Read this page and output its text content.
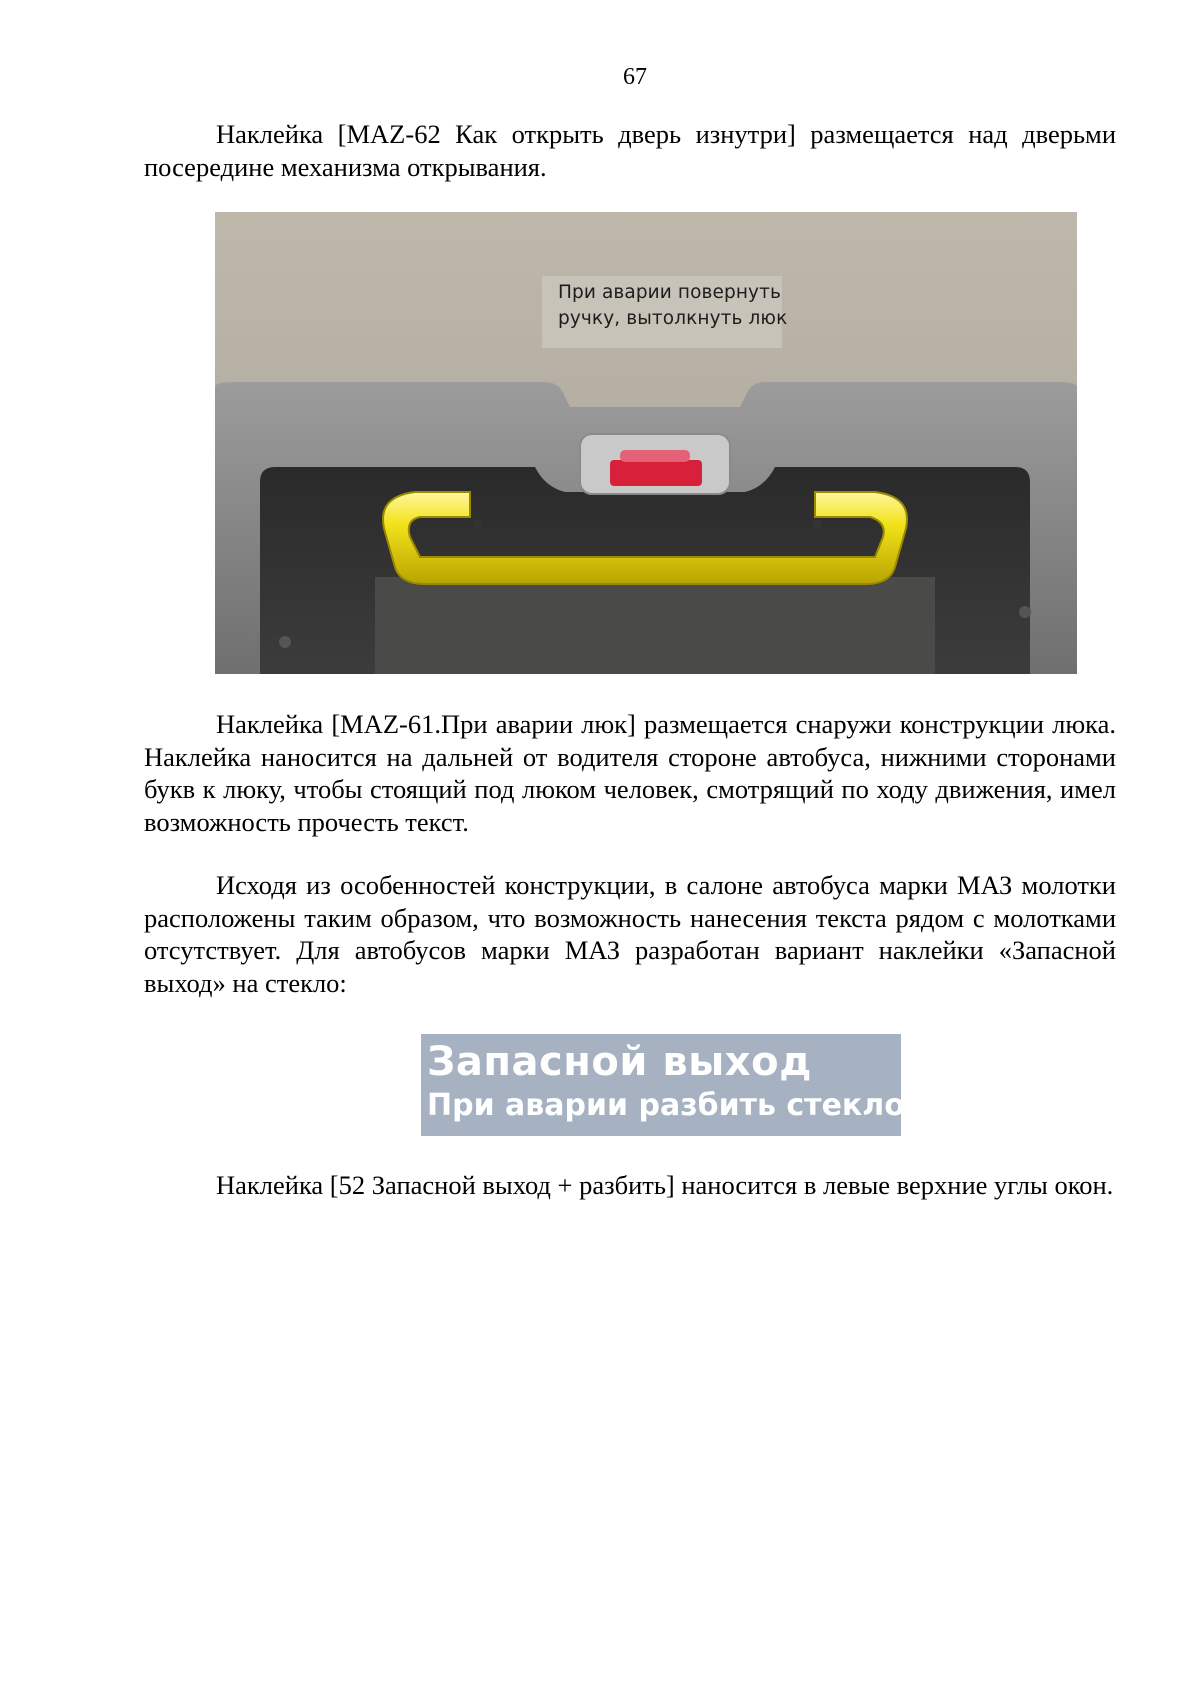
67

Наклейка [MAZ-62 Как открыть дверь изнутри] размещается над дверьми посередине механизма открывания.

При аварии повернуть
ручку, вытолкнуть люк

Наклейка [MAZ-61.При аварии люк] размещается снаружи конструкции люка. Наклейка наносится на дальней от водителя стороне автобуса, нижними сторонами букв к люку, чтобы стоящий под люком человек, смотрящий по ходу движения, имел возможность прочесть текст.

Исходя из особенностей конструкции, в салоне автобуса марки МАЗ молотки расположены таким образом, что возможность нанесения текста рядом с молотками отсутствует. Для автобусов марки МАЗ разработан вариант наклейки «Запасной выход» на стекло:

Запасной выход
При аварии разбить стекло

Наклейка [52 Запасной выход + разбить] наносится в левые верхние углы окон.
